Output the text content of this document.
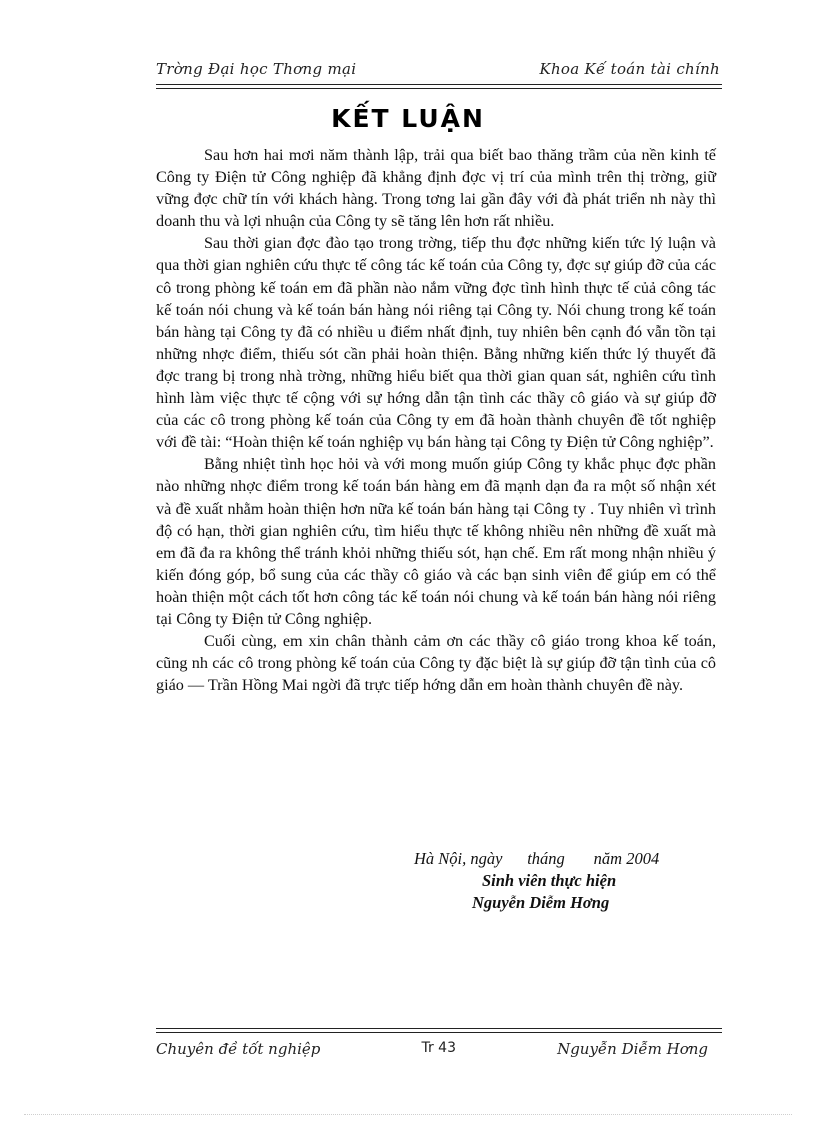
Trờng Đại học Thơng mại	Khoa Kế toán tài chính
KẾT LUẬN

Sau hơn hai mơi năm thành lập, trải qua biết bao thăng trầm của nền kinh tế Công ty Điện tử Công nghiệp đã khẳng định đợc vị trí của mình trên thị trờng, giữ vững đợc chữ tín với khách hàng. Trong tơng lai gần đây với đà phát triển nh này thì doanh thu và lợi nhuận của Công ty sẽ tăng lên hơn rất nhiều.

Sau thời gian đợc đào tạo trong trờng, tiếp thu đợc những kiến tức lý luận và qua thời gian nghiên cứu thực tế công tác kế toán của Công ty, đợc sự giúp đỡ của các cô trong phòng kế toán em đã phần nào nắm vững đợc tình hình thực tế củả công tác kế toán nói chung và kế toán bán hàng nói riêng tại Công ty. Nói chung trong kế toán bán hàng tại Công ty đã có nhiều u điểm nhất định, tuy nhiên bên cạnh đó vẫn tồn tại những nhợc điểm, thiếu sót cần phải hoàn thiện. Bằng những kiến thức lý thuyết đã đợc trang bị trong nhà trờng, những hiểu biết qua thời gian quan sát, nghiên cứu tình hình làm việc thực tế cộng với sự hớng dẫn tận tình các thầy cô giáo và sự giúp đỡ của các cô trong phòng kế toán của Công ty em đã hoàn thành chuyên đề tốt nghiệp với đề tài: “Hoàn thiện kế toán nghiệp vụ bán hàng tại Công ty Điện tử Công nghiệp”.

Bằng nhiệt tình học hỏi và với mong muốn giúp Công ty khắc phục đợc phần nào những nhợc điểm trong kế toán bán hàng em đã mạnh dạn đa ra một số nhận xét và đề xuất nhằm hoàn thiện hơn nữa kế toán bán hàng tại Công ty . Tuy nhiên vì trình độ có hạn, thời gian nghiên cứu, tìm hiểu thực tế không nhiều nên những đề xuất mà em đã đa ra không thể tránh khỏi những thiếu sót, hạn chế. Em rất mong nhận nhiều ý kiến đóng góp, bổ sung của các thầy cô giáo và các bạn sinh viên để giúp em có thể hoàn thiện một cách tốt hơn công tác kế toán nói chung và kế toán bán hàng nói riêng tại Công ty Điện tử Công nghiệp.

Cuối cùng, em xin chân thành cảm ơn các thầy cô giáo trong khoa kế toán, cũng nh các cô trong phòng kế toán của Công ty đặc biệt là sự giúp đỡ tận tình của cô giáo — Trần Hồng Mai ngời đã trực tiếp hớng dẫn em hoàn thành chuyên đề này.

Hà Nội, ngày      tháng       năm 2004
Sinh viên thực hiện
Nguyễn Diễm Hơng
Chuyên đề tốt nghiệp	Tr 43	Nguyễn Diễm Hơng
